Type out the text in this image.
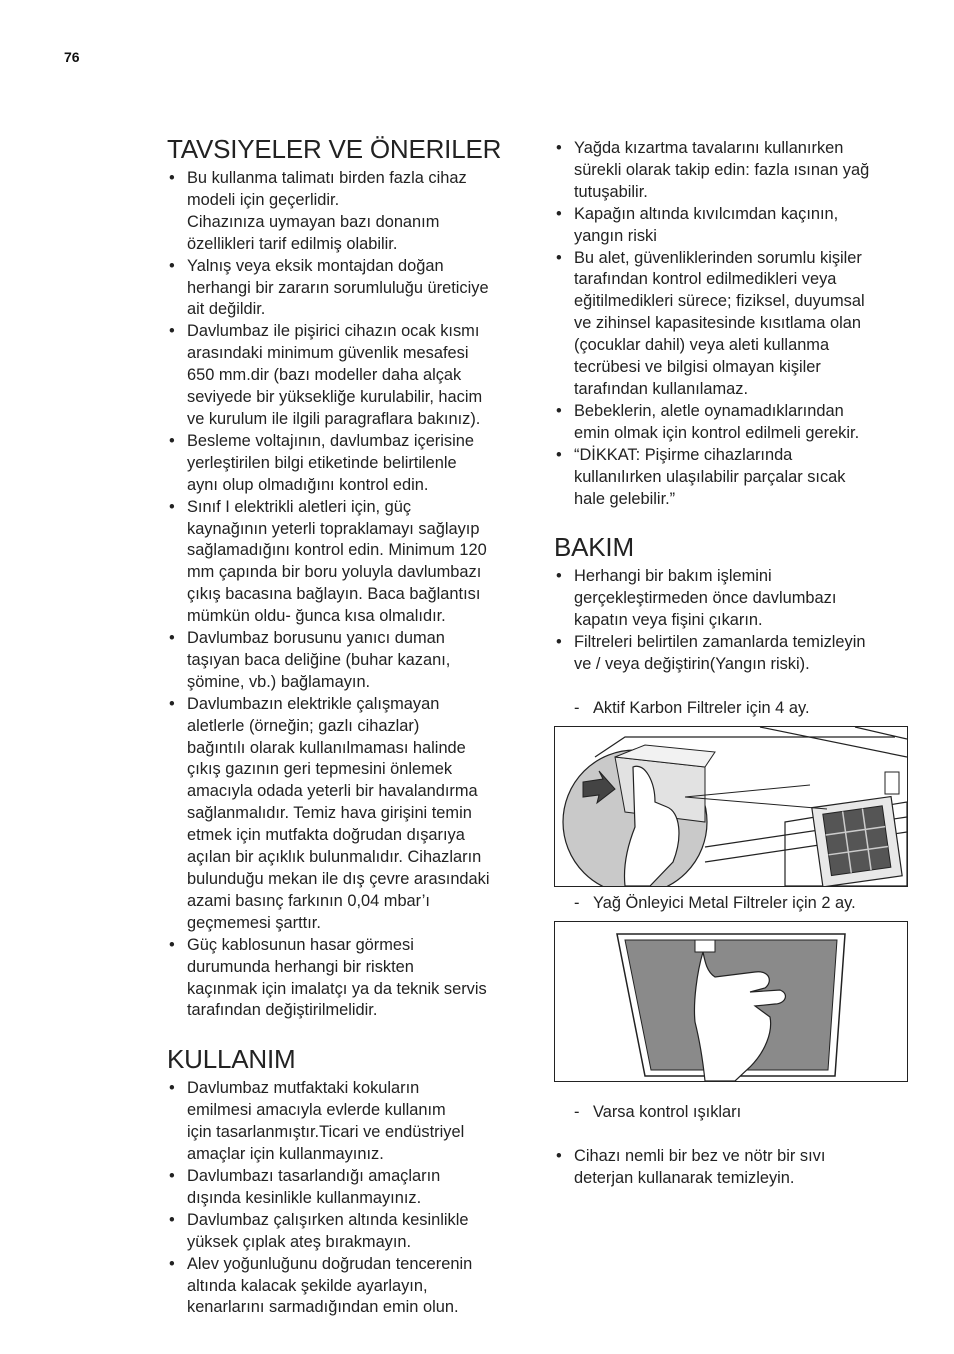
76
TAVSIYELER VE ÖNERILER
• Bu kullanma talimatı birden fazla cihaz
modeli için geçerlidir.
Cihazınıza uymayan bazı donanım
özellikleri tarif edilmiş olabilir.
• Yalnış veya eksik montajdan doğan
herhangi bir zararın sorumluluğu üreticiye
ait değildir.
• Davlumbaz ile pişirici cihazın ocak kısmı
arasındaki minimum güvenlik mesafesi
650 mm.dir (bazı modeller daha alçak
seviyede bir yüksekliğe kurulabilir, hacim
ve kurulum ile ilgili paragraflara bakınız).
• Besleme voltajının, davlumbaz içerisine
yerleştirilen bilgi etiketinde belirtilenle
aynı olup olmadığını kontrol edin.
• Sınıf I elektrikli aletleri için, güç
kaynağının yeterli topraklamayı sağlayıp
sağlamadığını kontrol edin. Minimum 120
mm çapında bir boru yoluyla davlumbazı
çıkış bacasına bağlayın. Baca bağlantısı
mümkün oldu- ğunca kısa olmalıdır.
• Davlumbaz borusunu yanıcı duman
taşıyan baca deliğine (buhar kazanı,
şömine, vb.) bağlamayın.
• Davlumbazın elektrikle çalışmayan
aletlerle (örneğin; gazlı cihazlar)
bağıntılı olarak kullanılmaması halinde
çıkış gazının geri tepmesini önlemek
amacıyla odada yeterli bir havalandırma
sağlanmalıdır. Temiz hava girişini temin
etmek için mutfakta doğrudan dışarıya
açılan bir açıklık bulunmalıdır. Cihazların
bulunduğu mekan ile dış çevre arasındaki
azami basınç farkının 0,04 mbar’ı
geçmemesi şarttır.
• Güç kablosunun hasar görmesi
durumunda herhangi bir riskten
kaçınmak için imalatçı ya da teknik servis
tarafından değiştirilmelidir.
KULLANIM
• Davlumbaz mutfaktaki kokuların
emilmesi amacıyla evlerde kullanım
için tasarlanmıştır.Ticari ve endüstriyel
amaçlar için kullanmayınız.
• Davlumbazı tasarlandığı amaçların
dışında kesinlikle kullanmayınız.
• Davlumbaz çalışırken altında kesinlikle
yüksek çıplak ateş bırakmayın.
• Alev yoğunluğunu doğrudan tencerenin
altında kalacak şekilde ayarlayın,
kenarlarını sarmadığından emin olun.
• Yağda kızartma tavalarını kullanırken
sürekli olarak takip edin: fazla ısınan yağ
tutuşabilir.
• Kapağın altında kıvılcımdan kaçının,
yangın riski
• Bu alet, güvenliklerinden sorumlu kişiler
tarafından kontrol edilmedikleri veya
eğitilmedikleri sürece; fiziksel, duyumsal
ve zihinsel kapasitesinde kısıtlama olan
(çocuklar dahil) veya aleti kullanma
tecrübesi ve bilgisi olmayan kişiler
tarafından kullanılamaz.
• Bebeklerin, aletle oynamadıklarından
emin olmak için kontrol edilmeli gerekir.
• “DİKKAT: Pişirme cihazlarında
kullanılırken ulaşılabilir parçalar sıcak
hale gelebilir.”
BAKIM
• Herhangi bir bakım işlemini
gerçekleştirmeden önce davlumbazı
kapatın veya fişini çıkarın.
• Filtreleri belirtilen zamanlarda temizleyin
ve / veya değiştirin(Yangın riski).
- Aktif Karbon Filtreler için 4 ay.
- Yağ Önleyici Metal Filtreler için 2 ay.
- Varsa kontrol ışıkları
• Cihazı nemli bir bez ve nötr bir sıvı
deterjan kullanarak temizleyin.
